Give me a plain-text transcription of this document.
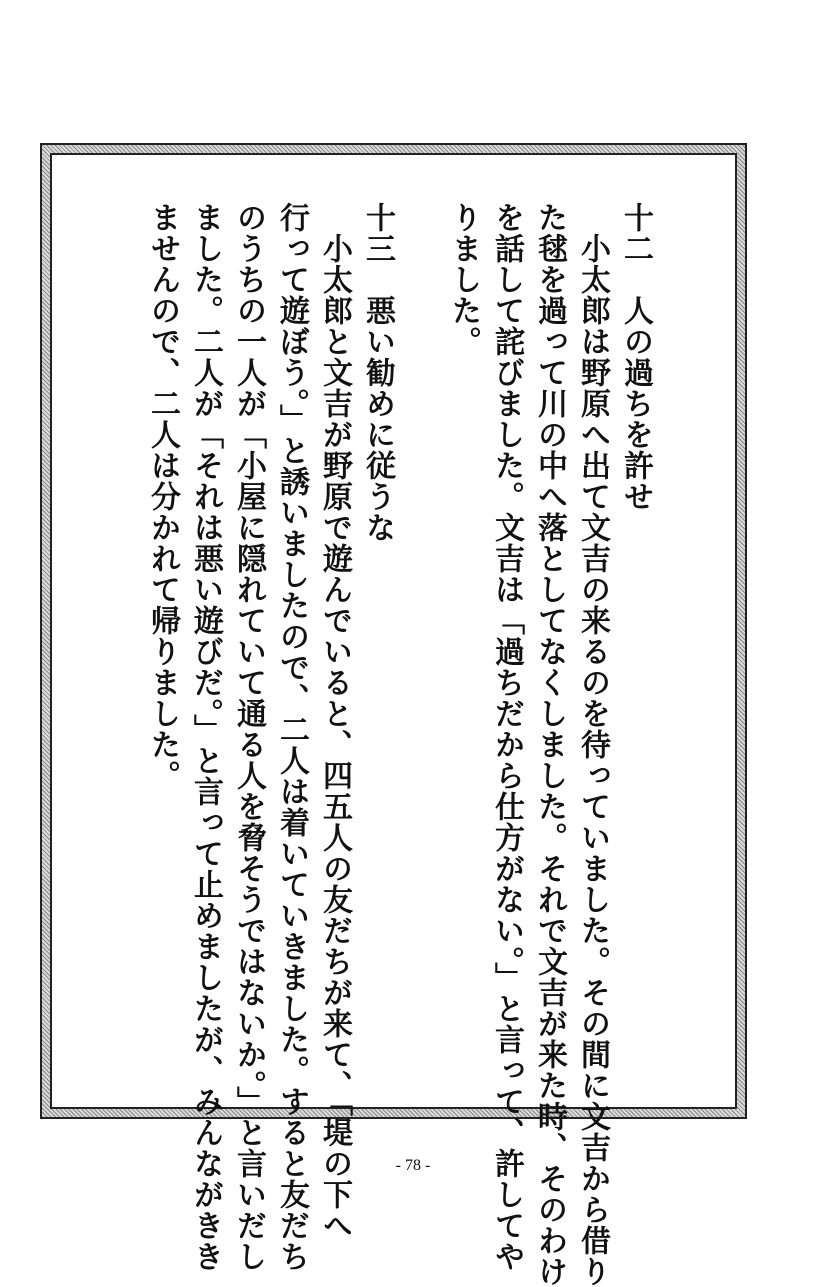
十二　人の過ちを許せ
　小太郎は野原へ出て文吉の来るのを待っていました。その間に文吉から借り
た毬を過って川の中へ落としてなくしました。それで文吉が来た時、そのわけ
を話して詫びました。文吉は「過ちだから仕方がない。」と言って、許してや
りました。
十三　悪い勧めに従うな
　小太郎と文吉が野原で遊んでいると、四五人の友だちが来て、「堤の下へ
行って遊ぼう。」と誘いましたので、二人は着いていきました。すると友だち
のうちの一人が「小屋に隠れていて通る人を脅そうではないか。」と言いだし
ました。二人が「それは悪い遊びだ。」と言って止めましたが、みんながきき
ませんので、二人は分かれて帰りました。
- 78 -
